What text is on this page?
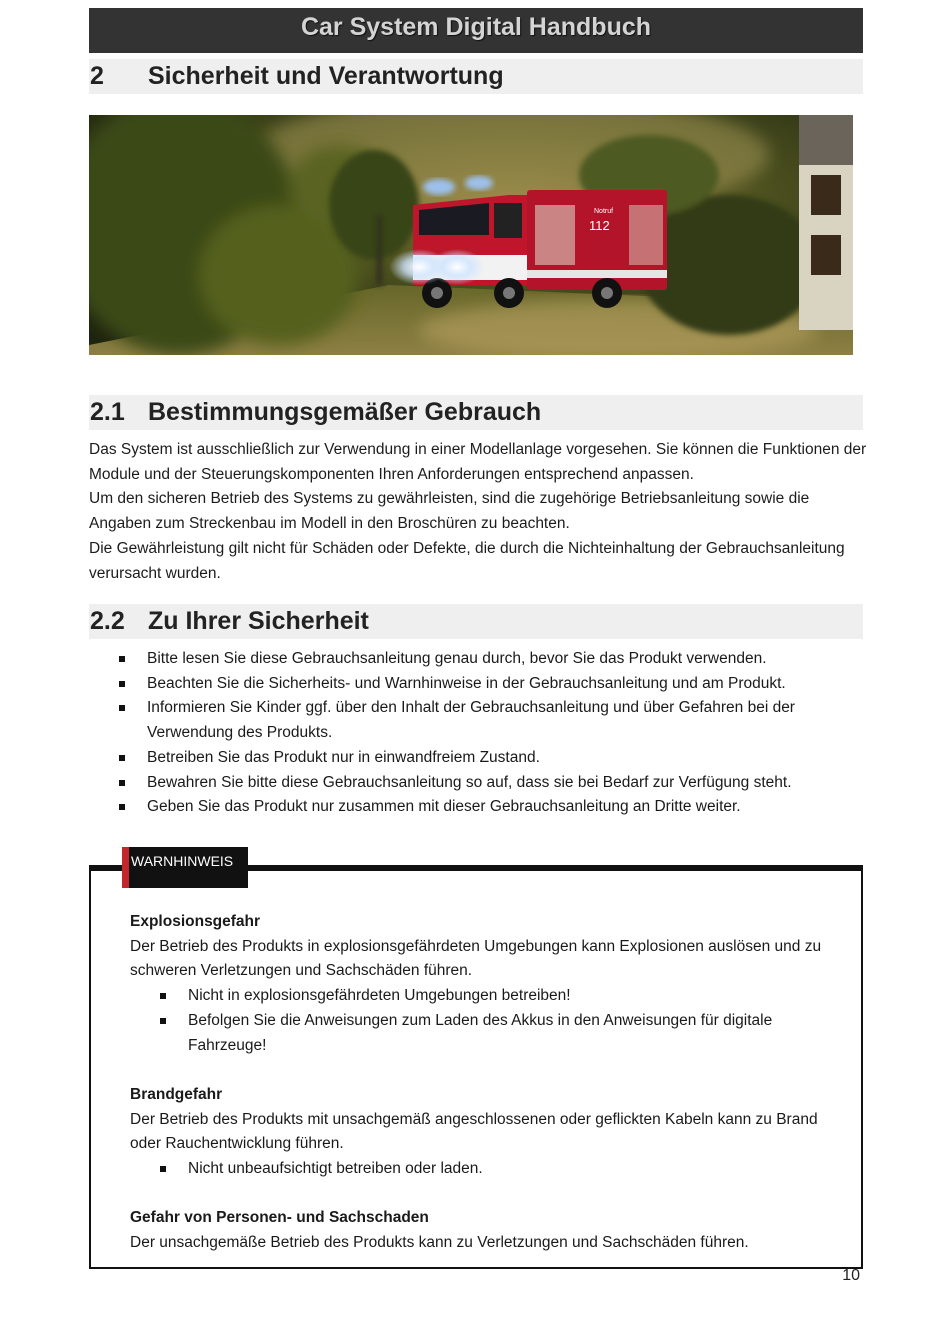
Car System Digital Handbuch
2	Sicherheit und Verantwortung
Notruf
112
2.1 Bestimmungsgemäßer Gebrauch

Das System ist ausschließlich zur Verwendung in einer Modellanlage vorgesehen. Sie können die Funktionen der Module und der Steuerungskomponenten Ihren Anforderungen entsprechend anpassen.

Um den sicheren Betrieb des Systems zu gewährleisten, sind die zugehörige Betriebsanleitung sowie die Angaben zum Streckenbau im Modell in den Broschüren zu beachten.

Die Gewährleistung gilt nicht für Schäden oder Defekte, die durch die Nichteinhaltung der Gebrauchsanleitung verursacht wurden.

2.2 Zu Ihrer Sicherheit
Bitte lesen Sie diese Gebrauchsanleitung genau durch, bevor Sie das Produkt verwenden.
Beachten Sie die Sicherheits- und Warnhinweise in der Gebrauchsanleitung und am Produkt.
Informieren Sie Kinder ggf. über den Inhalt der Gebrauchsanleitung und über Gefahren bei der Verwendung des Produkts.
Betreiben Sie das Produkt nur in einwandfreiem Zustand.
Bewahren Sie bitte diese Gebrauchsanleitung so auf, dass sie bei Bedarf zur Verfügung steht.
Geben Sie das Produkt nur zusammen mit dieser Gebrauchsanleitung an Dritte weiter.
WARNHINWEIS

Explosionsgefahr

Der Betrieb des Produkts in explosionsgefährdeten Umgebungen kann Explosionen auslösen und zu schweren Verletzungen und Sachschäden führen.

Nicht in explosionsgefährdeten Umgebungen betreiben!
Befolgen Sie die Anweisungen zum Laden des Akkus in den Anweisungen für digitale Fahrzeuge!

Brandgefahr

Der Betrieb des Produkts mit unsachgemäß angeschlossenen oder geflickten Kabeln kann zu Brand oder Rauchentwicklung führen.

Nicht unbeaufsichtigt betreiben oder laden.

Gefahr von Personen- und Sachschaden

Der unsachgemäße Betrieb des Produkts kann zu Verletzungen und Sachschäden führen.

10
